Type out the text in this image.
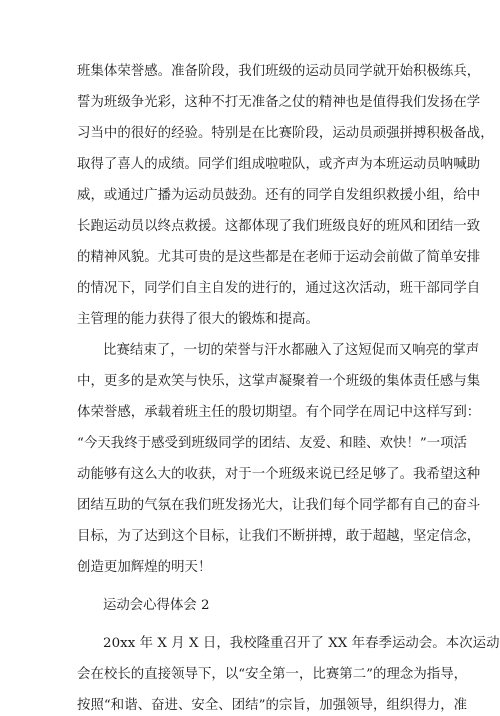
班集体荣誉感。准备阶段，我们班级的运动员同学就开始积极练兵，
誓为班级争光彩，这种不打无准备之仗的精神也是值得我们发扬在学
习当中的很好的经验。特别是在比赛阶段，运动员顽强拼搏积极备战，
取得了喜人的成绩。同学们组成啦啦队，或齐声为本班运动员呐喊助
威，或通过广播为运动员鼓劲。还有的同学自发组织救援小组，给中
长跑运动员以终点救援。这都体现了我们班级良好的班风和团结一致
的精神风貌。尤其可贵的是这些都是在老师于运动会前做了简单安排
的情况下，同学们自主自发的进行的，通过这次活动，班干部同学自
主管理的能力获得了很大的锻炼和提高。
比赛结束了，一切的荣誉与汗水都融入了这短促而又响亮的掌声
中，更多的是欢笑与快乐，这掌声凝聚着一个班级的集体责任感与集
体荣誉感，承载着班主任的殷切期望。有个同学在周记中这样写到：
“今天我终于感受到班级同学的团结、友爱、和睦、欢快！”一项活
动能够有这么大的收获，对于一个班级来说已经足够了。我希望这种
团结互助的气氛在我们班发扬光大，让我们每个同学都有自己的奋斗
目标，为了达到这个目标，让我们不断拼搏，敢于超越，坚定信念，
创造更加辉煌的明天！
运动会心得体会 2
20xx 年 X 月 X 日，我校隆重召开了 XX 年春季运动会。本次运动
会在校长的直接领导下，以“安全第一，比赛第二”的理念为指导，
按照“和谐、奋进、安全、团结”的宗旨，加强领导，组织得力，准
